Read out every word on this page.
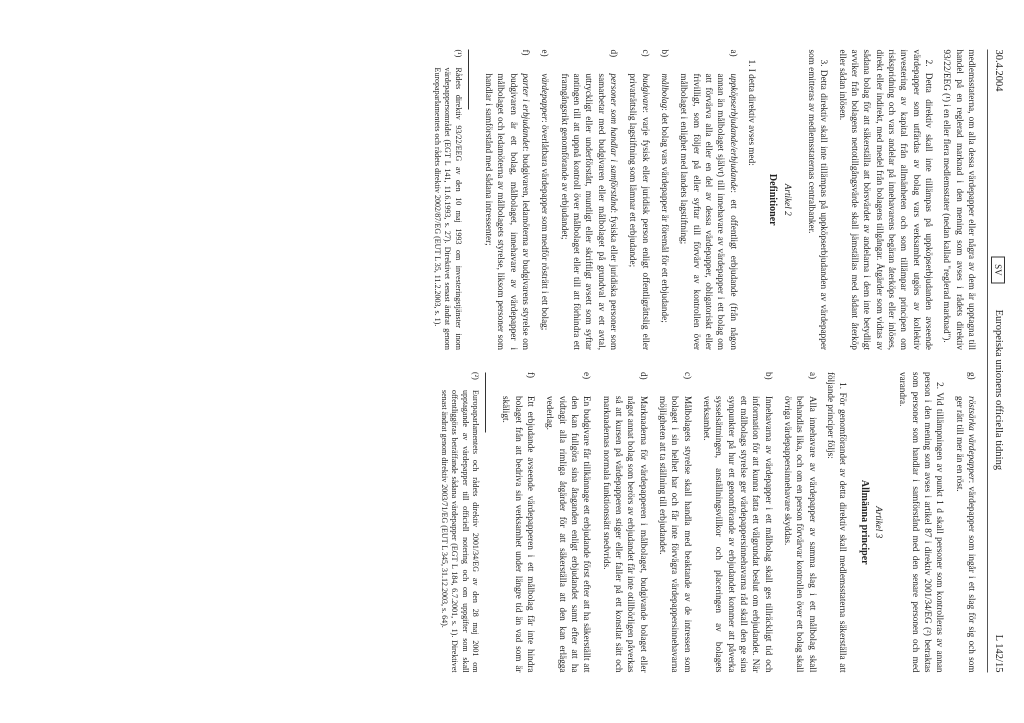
30.4.2004
SV
Europeiska unionens officiella tidning
L 142/15

medlemsstaterna, om alla dessa värdepapper eller några av dem är upptagna till handel på en reglerad marknad i den mening som avses i rådets direktiv 93/22/EEG (¹) i en eller flera medlemsstater (nedan kallad "reglerad marknad").

2. Detta direktiv skall inte tillämpas på uppköpserbjudanden avseende värdepapper som utfärdas av bolag vars verksamhet utgörs av kollektiv investering av kapital från allmänheten och som tillämpar principen om riskspridning och vars andelar på innehavarens begäran återköps eller inlöses, direkt eller indirekt, med medel från bolagens tillgångar. Åtgärder som vidtas av sådana bolag för att säkerställa att börsvärdet av andelarna i dem inte betydligt avviker från bolagens nettotillgångsvärde skall jämställas med sådant återköp eller sådan inlösen.

3. Detta direktiv skall inte tillämpas på uppköpserbjudanden av värdepapper som emitteras av medlemsstaternas centralbanker.

Artikel 2
Definitioner

1. I detta direktiv avses med:

a)
uppköpserbjudande/erbjudande: ett offentligt erbjudande (från någon annan än målbolaget självt) till innehavare av värdepapper i ett bolag om att förvärva alla eller en del av dessa värdepapper, obligatoriskt eller frivilligt, som följer på eller syftar till förvärv av kontrollen över målbolaget i enlighet med landets lagstiftning;
b)
målbolag: det bolag vars värdepapper är föremål för ett erbjudande;
c)
budgivare: varje fysisk eller juridisk person enligt offentligrättslig eller privaträttslig lagstiftning som lämnar ett erbjudande;
d)
personer som handlar i samförstånd: fysiska eller juridiska personer som samarbetar med budgivaren eller målbolaget på grundval av ett avtal, uttryckligt eller underförstått, muntligt eller skriftligt avsett som syftar antingen till att uppnå kontroll över målbolaget eller till att förhindra ett framgångsrikt genomförande av erbjudandet;
e)
värdepapper: överlåtbara värdepapper som medför rösträtt i ett bolag;
f)
parter i erbjudandet: budgivaren, ledamöterna av budgivarens styrelse om budgivaren är ett bolag, målbolaget, innehavare av värdepapper i målbolaget och ledamöterna av målbolagets styrelse, liksom personer som handlar i samförstånd med sådana intressenter;
(¹)
Rådets direktiv 93/22/EEG av den 10 maj 1993 om investeringstjänster inom värdepappersområdet (EGT L 141, 11.6.1993, s. 27). Direktivet senast ändrat genom Europaparlamentets och rådets direktiv 2002/87/EG (EUT L 35, 11.2.2003, s. 1).
g)
röstsärka värdepapper: värdepapper som ingår i ett slag för sig och som ger rätt till mer än en röst.

2. Vid tillämpningen av punkt 1 d skall personer som kontrolleras av annan person i den mening som avses i artikel 87 i direktiv 2001/34/EG (²) betraktas som personer som handlar i samförstånd med den senare personen och med varandra.

Artikel 3
Allmänna principer

1. För genomförandet av detta direktiv skall medlemsstaterna säkerställa att följande principer följs:

a)
Alla innehavare av värdepapper av samma slag i ett målbolag skall behandlas lika, och om en person förvärvar kontrollen över ett bolag skall övriga värdepappersinnehavare skyddas.
b)
Innehavarna av värdepapper i ett målbolag skall ges tillräckligt tid och information för att kunna fatta ett välgrundat beslut om erbjudandet. När ett målbolags styrelse ger värdepappersinnehavarna råd skall den ge sina synpunkter på hur ett genomförande av erbjudandet kommer att påverka sysselsättningen, anställningsvillkor och placeringen av bolagets verksamhet.
c)
Målbolagets styrelse skall handla med beaktande av de intressen som bolaget i sin helhet har och får inte förvägra värdepappersinnehavarna möjligheten att ta ställning till erbjudandet.
d)
Marknaderna för värdepapperen i målbolaget, budgivande bolaget eller något annat bolag som berörs av erbjudandet får inte otillbörligen påverkas så att kursen på värdepapperen stiger eller faller på ett konstlat sätt och marknadernas normala funktionssätt snedvrids.
e)
En budgivare får tillkännage ett erbjudande först efter att ha säkerställt att den kan fullgöra sina åtaganden enligt erbjudandet samt efter att ha vidtagit alla rimliga åtgärder för att säkerställa att den kan erlägga vederlag.
f)
Ett erbjudande avseende värdepapperen i ett målbolag får inte hindra bolaget från att bedriva sin verksamhet under längre tid än vad som är skäligt.
(²)
Europaparlamentets och rådets direktiv 2001/34/EG av den 28 maj 2001 om upptagande av värdepapper till officiell notering och om uppgifter som skall offentliggöras beträffande sådana värdepapper (EGT L 184, 6.7.2001, s. 1). Direktivet senast ändrat genom direktiv 2003/71/EG (EUT L 345, 31.12.2003, s. 64).
